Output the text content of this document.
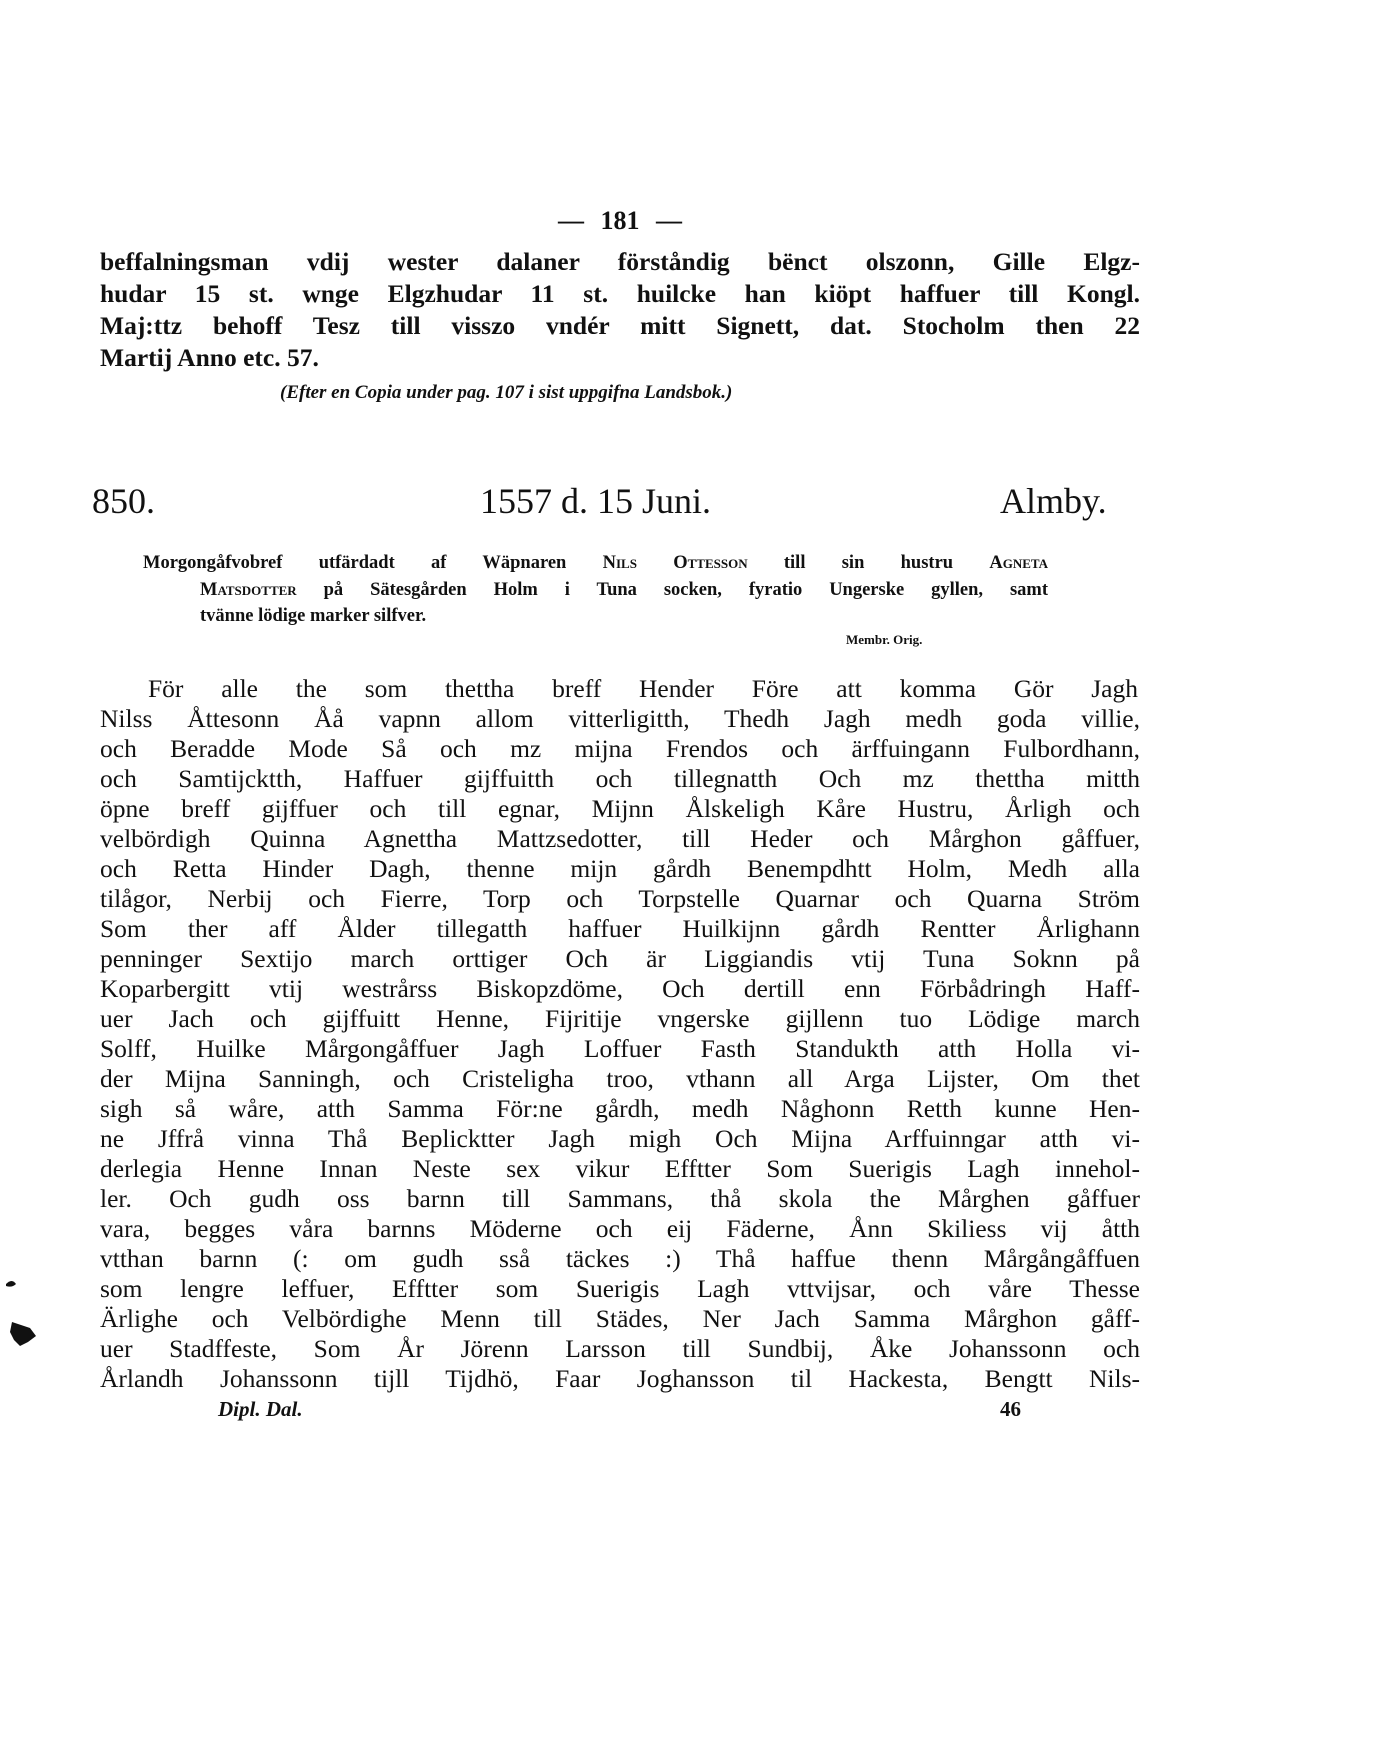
— 181 —
beffalningsman vdij wester dalaner förståndig bënct olszonn, Gille Elgz-
hudar 15 st. wnge Elgzhudar 11 st. huilcke han kiöpt haffuer till Kongl.
Maj:ttz behoff Tesz till visszo vndér mitt Signett, dat. Stocholm then 22
Martij Anno etc. 57.
(Efter en Copia under pag. 107 i sist uppgifna Landsbok.)
850.	1557 d. 15 Juni.	Almby.
Morgongåfvobref utfärdadt af Wäpnaren Nils Ottesson till sin hustru Agneta
Matsdotter på Sätesgården Holm i Tuna socken, fyratio Ungerske gyllen, samt
tvänne lödige marker silfver.
Membr. Orig.
För alle the som thettha breff Hender Före att komma Gör Jagh
Nilss Åttesonn Åå vapnn allom vitterligitth, Thedh Jagh medh goda villie,
och Beradde Mode Så och mz mijna Frendos och ärffuingann Fulbordhann,
och Samtijcktth, Haffuer gijffuitth och tillegnatth Och mz thettha mitth
öpne breff gijffuer och till egnar, Mijnn Ålskeligh Kåre Hustru, Årligh och
velbördigh Quinna Agnettha Mattzsedotter, till Heder och Mårghon gåffuer,
och Retta Hinder Dagh, thenne mijn gårdh Benempdhtt Holm, Medh alla
tilågor, Nerbij och Fierre, Torp och Torpstelle Quarnar och Quarna Ström
Som ther aff Ålder tillegatth haffuer Huilkijnn gårdh Rentter Årlighann
penninger Sextijo march orttiger Och är Liggiandis vtij Tuna Soknn på
Koparbergitt vtij westrårss Biskopzdöme, Och dertill enn Förbådringh Haff-
uer Jach och gijffuitt Henne, Fijritije vngerske gijllenn tuo Lödige march
Solff, Huilke Mårgongåffuer Jagh Loffuer Fasth Standukth atth Holla vi-
der Mijna Sanningh, och Cristeligha troo, vthann all Arga Lijster, Om thet
sigh så wåre, atth Samma För:ne gårdh, medh Någhonn Retth kunne Hen-
ne Jffrå vinna Thå Beplicktter Jagh migh Och Mijna Arffuinngar atth vi-
derlegia Henne Innan Neste sex vikur Efftter Som Suerigis Lagh innehol-
ler. Och gudh oss barnn till Sammans, thå skola the Mårghen gåffuer
vara, begges våra barnns Möderne och eij Fäderne, Ånn Skiliess vij åtth
vtthan barnn (: om gudh sså täckes :) Thå haffue thenn Mårgångåffuen
som lengre leffuer, Efftter som Suerigis Lagh vttvijsar, och våre Thesse
Ärlighe och Velbördighe Menn till Städes, Ner Jach Samma Mårghon gåff-
uer Stadffeste, Som År Jörenn Larsson till Sundbij, Åke Johanssonn och
Årlandh Johanssonn tijll Tijdhö, Faar Joghansson til Hackesta, Bengtt Nils-
Dipl. Dal.	46
